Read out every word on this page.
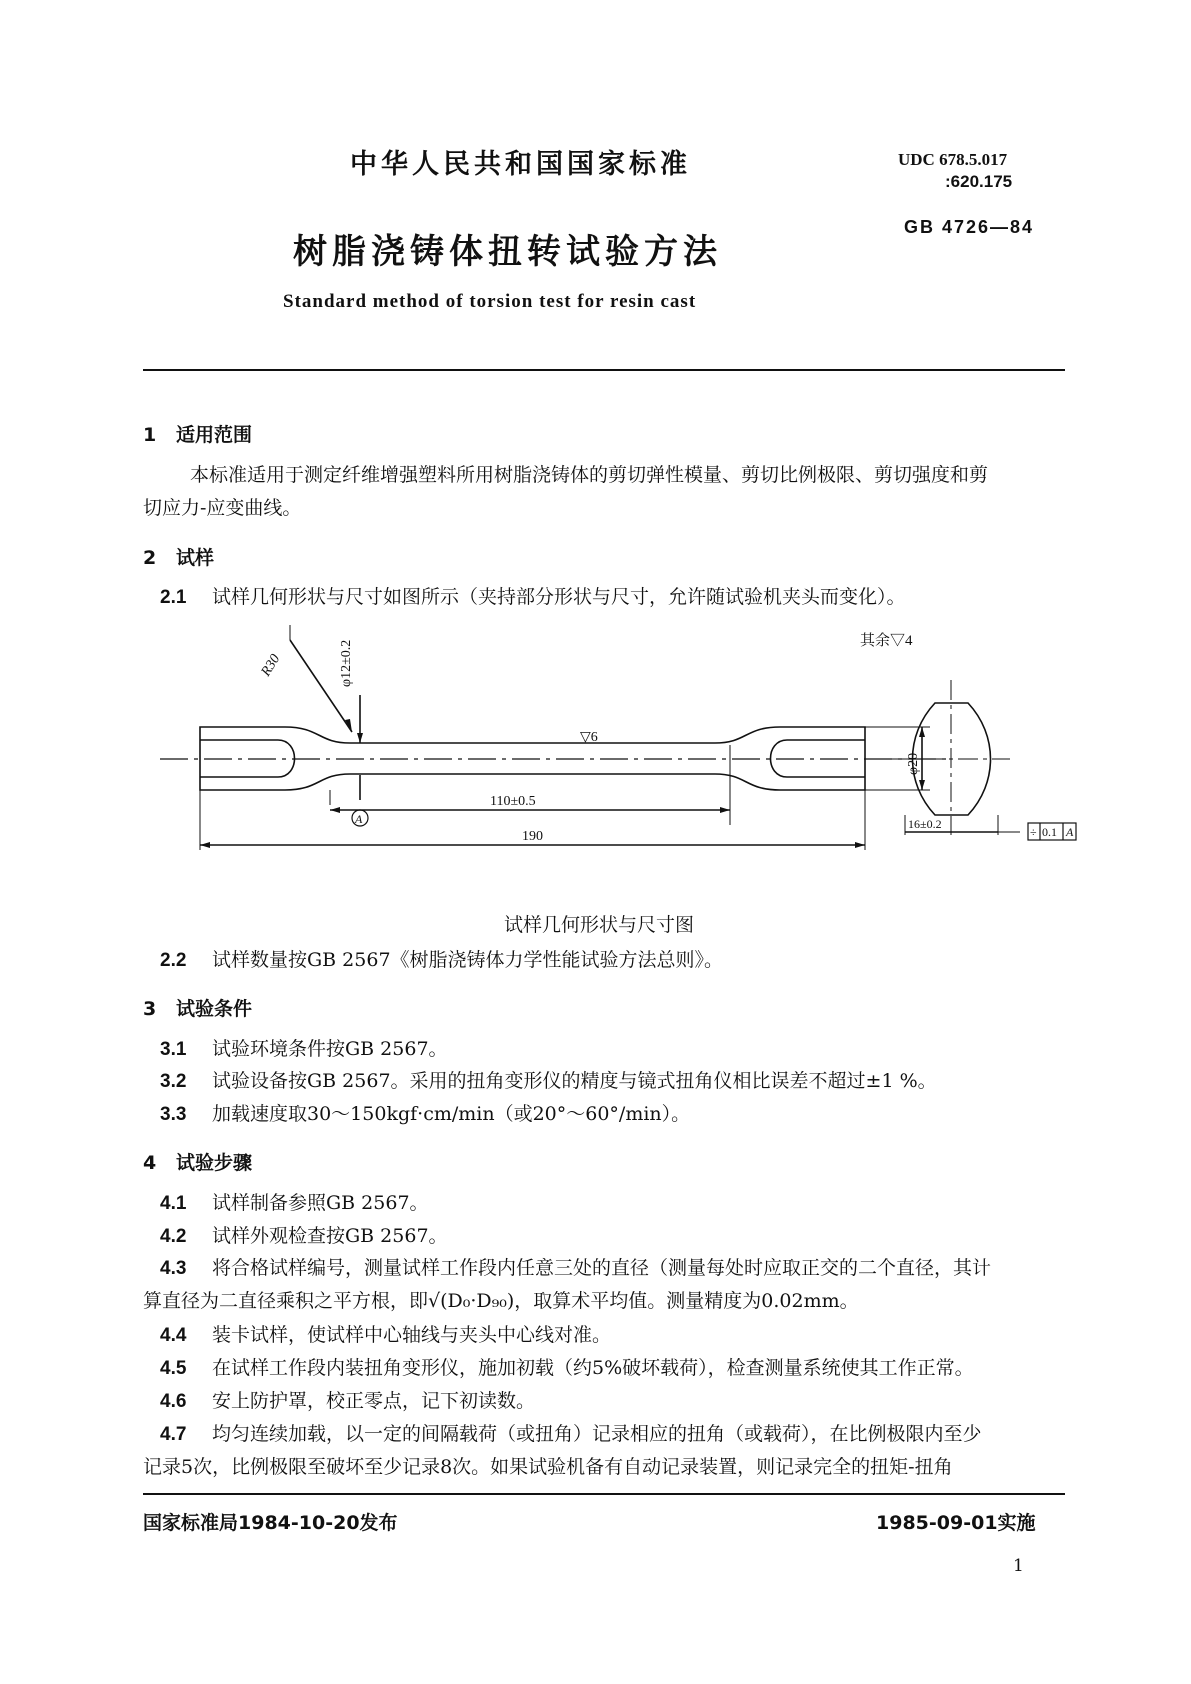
中华人民共和国国家标准	UDC 678.5.017
:620.175
GB 4726—84
树脂浇铸体扭转试验方法
Standard method of torsion test for resin cast
1 适用范围
本标准适用于测定纤维增强塑料所用树脂浇铸体的剪切弹性模量、剪切比例极限、剪切强度和剪
切应力-应变曲线。
2 试样
2.1 试样几何形状与尺寸如图所示（夹持部分形状与尺寸，允许随试验机夹头而变化）。
R30	φ12±0.2
▽6
φ20
A
110±0.5
190
其余▽4
16±0.2
÷ 0.1 A
试样几何形状与尺寸图
2.2 试样数量按GB 2567《树脂浇铸体力学性能试验方法总则》。
3 试验条件
3.1 试验环境条件按GB 2567。
3.2 试验设备按GB 2567。采用的扭角变形仪的精度与镜式扭角仪相比误差不超过±1 %。
3.3 加载速度取30～150kgf·cm/min（或20°～60°/min）。
4 试验步骤
4.1 试样制备参照GB 2567。
4.2 试样外观检查按GB 2567。
4.3 将合格试样编号，测量试样工作段内任意三处的直径（测量每处时应取正交的二个直径，其计
算直径为二直径乘积之平方根，即√(D₀·D₉₀)，取算术平均值。测量精度为0.02mm。
4.4 装卡试样，使试样中心轴线与夹头中心线对准。
4.5 在试样工作段内装扭角变形仪，施加初载（约5%破坏载荷），检查测量系统使其工作正常。
4.6 安上防护罩，校正零点，记下初读数。
4.7 均匀连续加载，以一定的间隔载荷（或扭角）记录相应的扭角（或载荷），在比例极限内至少
记录5次，比例极限至破坏至少记录8次。如果试验机备有自动记录装置，则记录完全的扭矩-扭角
国家标准局1984-10-20发布	1985-09-01实施
1
